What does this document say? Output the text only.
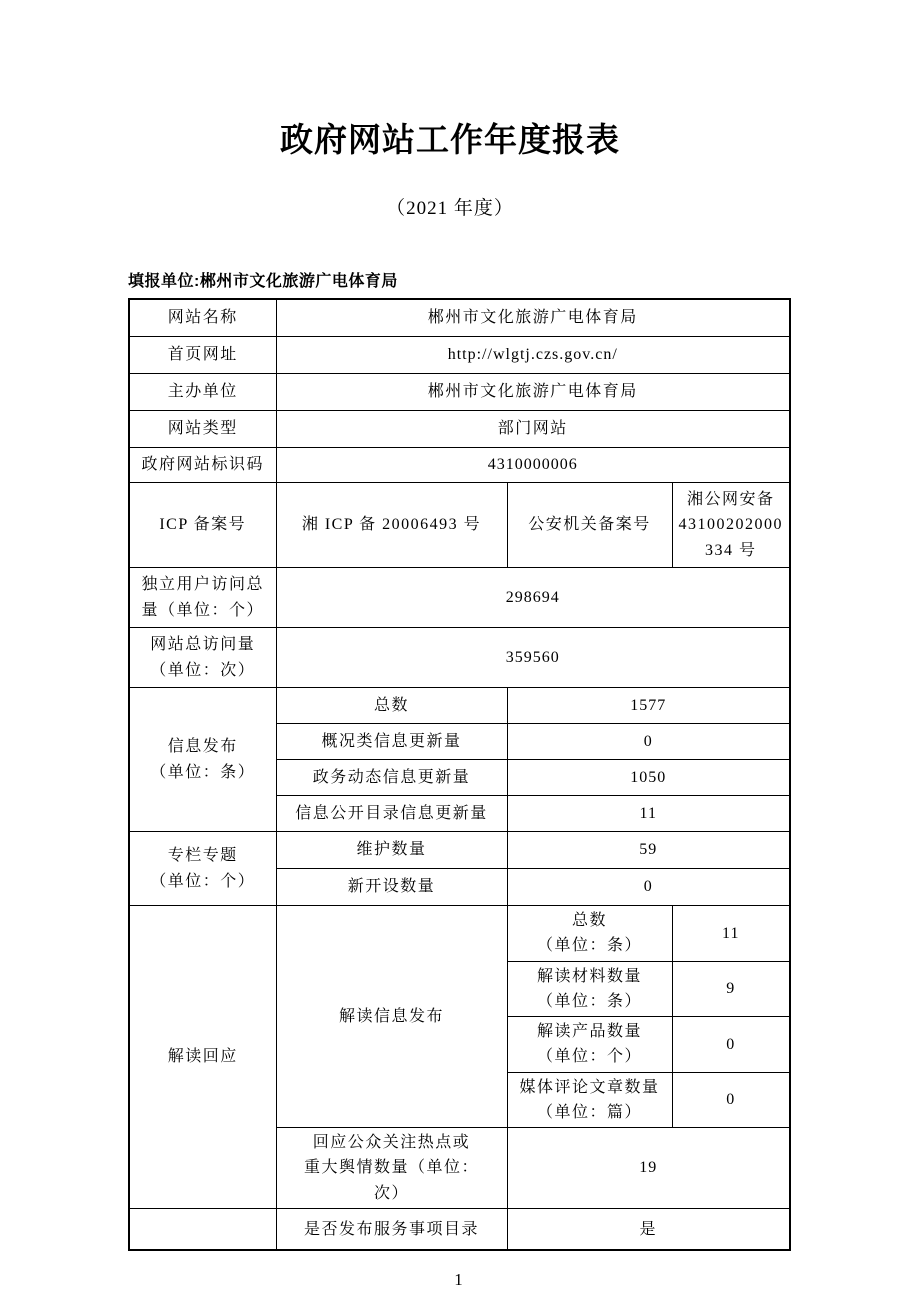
政府网站工作年度报表
（2021 年度）
填报单位:郴州市文化旅游广电体育局
网站名称	郴州市文化旅游广电体育局		
首页网址	http://wlgtj.czs.gov.cn/		
主办单位	郴州市文化旅游广电体育局		
网站类型	部门网站		
政府网站标识码	4310000006		
ICP 备案号	湘 ICP 备 20006493 号	公安机关备案号	湘公网安备
43100202000
334 号
独立用户访问总
量（单位：个）	298694		
网站总访问量
（单位：次）	359560		
信息发布
（单位：条）	总数	1577	
	概况类信息更新量	0	
	政务动态信息更新量	1050	
	信息公开目录信息更新量	11	
专栏专题
（单位：个）	维护数量	59	
	新开设数量	0	
解读回应	解读信息发布	总数
（单位：条）	11
		解读材料数量
（单位：条）	9
		解读产品数量
（单位：个）	0
		媒体评论文章数量
（单位：篇）	0
	回应公众关注热点或
重大舆情数量（单位：
次）	19	
	是否发布服务事项目录	是	
1
